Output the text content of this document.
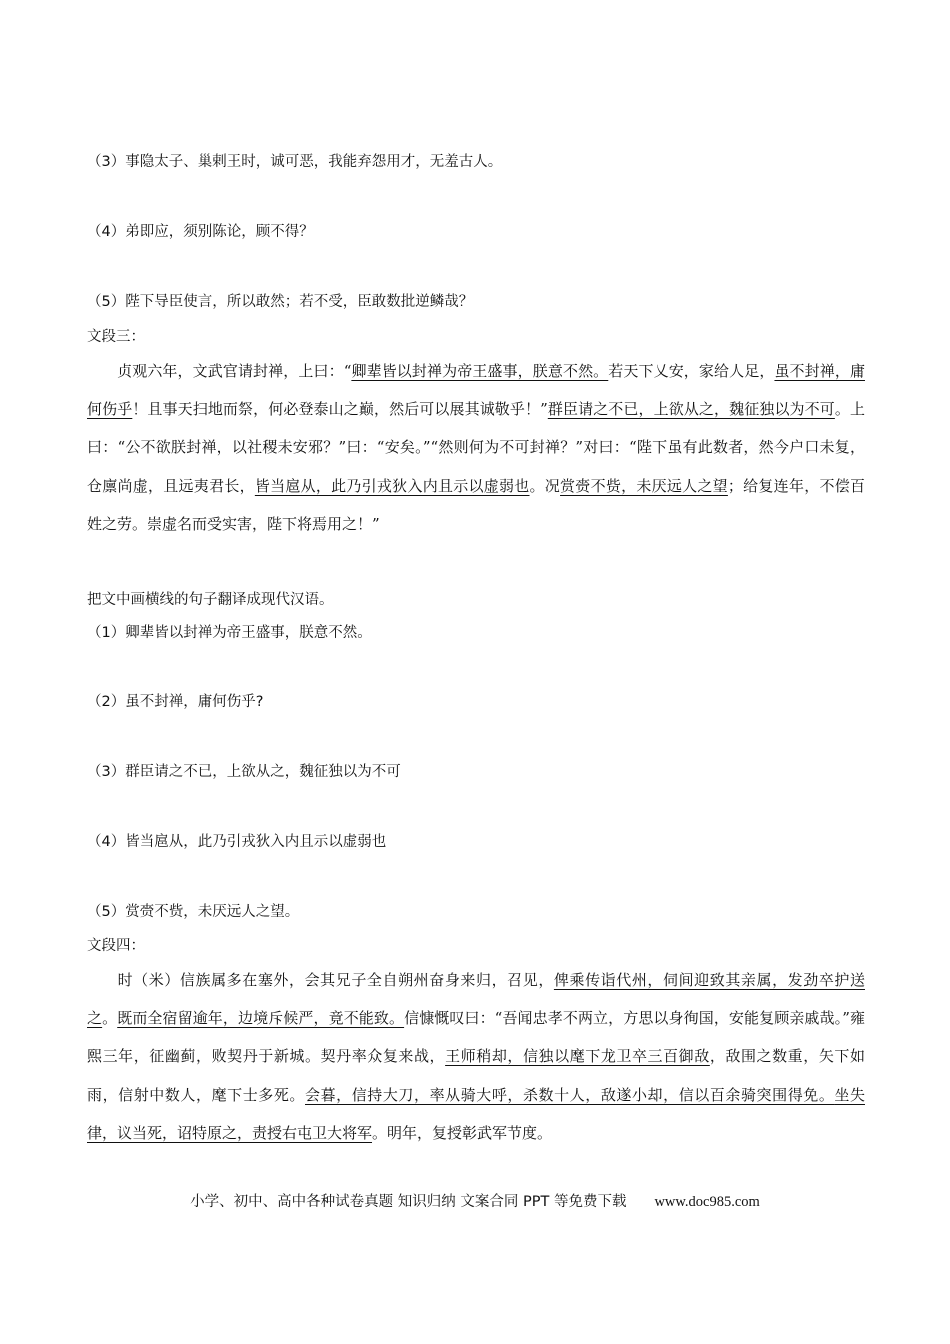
（3）事隐太子、巢剌王时，诚可恶，我能弃怨用才，无羞古人。
（4）弟即应，须别陈论，顾不得？
（5）陛下导臣使言，所以敢然；若不受，臣敢数批逆鳞哉？
文段三：
贞观六年，文武官请封禅，上曰：“卿辈皆以封禅为帝王盛事，朕意不然。若天下乂安，家给人足，虽不封禅，庸何伤乎！且事天扫地而祭，何必登泰山之巅，然后可以展其诚敬乎！”群臣请之不已，上欲从之，魏征独以为不可。上曰：“公不欲朕封禅，以社稷未安邪？”曰：“安矣。”“然则何为不可封禅？”对曰：“陛下虽有此数者，然今户口未复，仓廪尚虚，且远夷君长，皆当扈从，此乃引戎狄入内且示以虚弱也。况赏赍不赀，未厌远人之望；给复连年，不偿百姓之劳。崇虚名而受实害，陛下将焉用之！”
把文中画横线的句子翻译成现代汉语。
（1）卿辈皆以封禅为帝王盛事，朕意不然。
（2）虽不封禅，庸何伤乎?
（3）群臣请之不已，上欲从之，魏征独以为不可
（4）皆当扈从，此乃引戎狄入内且示以虚弱也
（5）赏赍不赀，未厌远人之望。
文段四：
时（米）信族属多在塞外，会其兄子全自朔州奋身来归，召见，俾乘传诣代州，伺间迎致其亲属，发劲卒护送之。既而全宿留逾年，边境斥候严，竟不能致。信慷慨叹曰：“吾闻忠孝不两立，方思以身徇国，安能复顾亲戚哉。”雍熙三年，征幽蓟，败契丹于新城。契丹率众复来战，王师稍却，信独以麾下龙卫卒三百御敌，敌围之数重，矢下如雨，信射中数人，麾下士多死。会暮，信持大刀，率从骑大呼，杀数十人，敌遂小却，信以百余骑突围得免。坐失律，议当死，诏特原之，责授右屯卫大将军。明年，复授彰武军节度。
小学、初中、高中各种试卷真题 知识归纳 文案合同 PPT 等免费下载 www.doc985.com
